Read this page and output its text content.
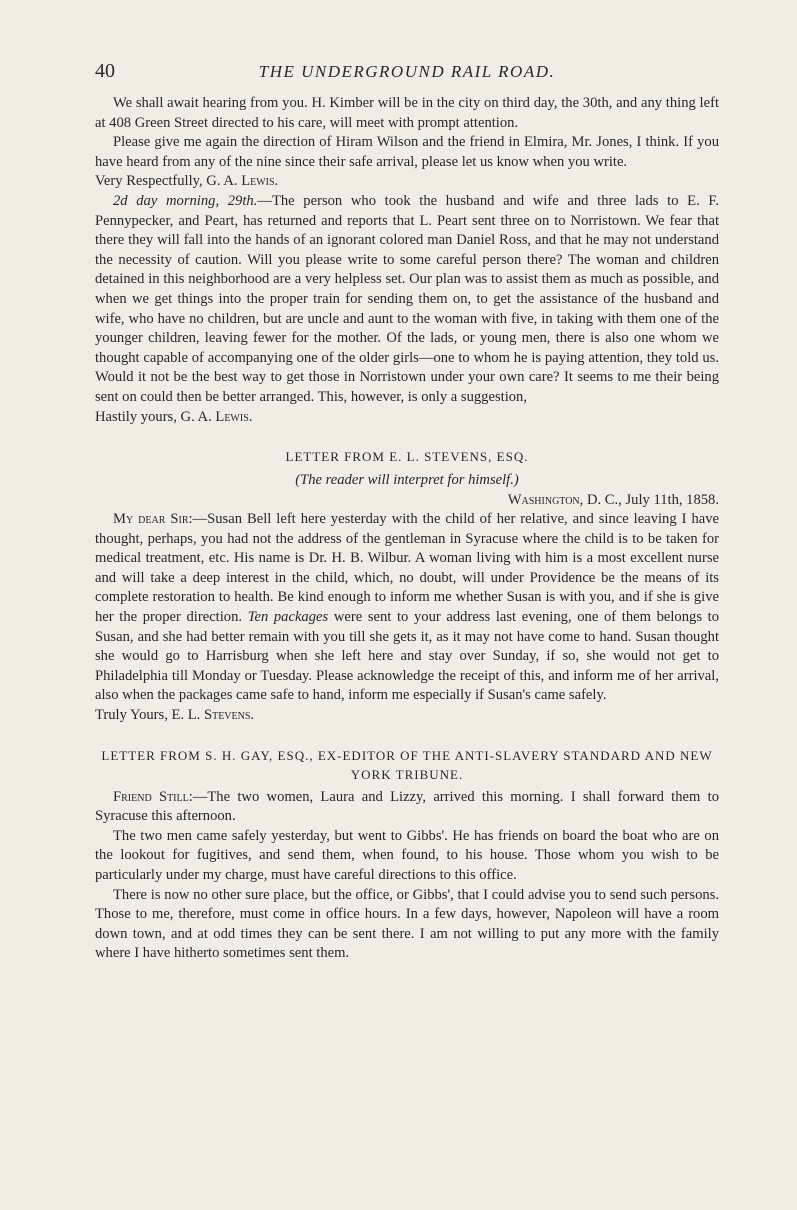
40	THE UNDERGROUND RAIL ROAD.

We shall await hearing from you. H. Kimber will be in the city on third day, the 30th, and any thing left at 408 Green Street directed to his care, will meet with prompt attention.

Please give me again the direction of Hiram Wilson and the friend in Elmira, Mr. Jones, I think. If you have heard from any of the nine since their safe arrival, please let us know when you write.

Very Respectfully, G. A. Lewis.

2d day morning, 29th.—The person who took the husband and wife and three lads to E. F. Pennypecker, and Peart, has returned and reports that L. Peart sent three on to Norristown. We fear that there they will fall into the hands of an ignorant colored man Daniel Ross, and that he may not understand the necessity of caution. Will you please write to some careful person there? The woman and children detained in this neighborhood are a very helpless set. Our plan was to assist them as much as possible, and when we get things into the proper train for sending them on, to get the assistance of the husband and wife, who have no children, but are uncle and aunt to the woman with five, in taking with them one of the younger children, leaving fewer for the mother. Of the lads, or young men, there is also one whom we thought capable of accompanying one of the older girls—one to whom he is paying attention, they told us. Would it not be the best way to get those in Norristown under your own care? It seems to me their being sent on could then be better arranged. This, however, is only a suggestion,

Hastily yours, G. A. Lewis.

LETTER FROM E. L. STEVENS, ESQ.

(The reader will interpret for himself.)

Washington, D. C., July 11th, 1858.

My dear Sir:—Susan Bell left here yesterday with the child of her relative, and since leaving I have thought, perhaps, you had not the address of the gentleman in Syracuse where the child is to be taken for medical treatment, etc. His name is Dr. H. B. Wilbur. A woman living with him is a most excellent nurse and will take a deep interest in the child, which, no doubt, will under Providence be the means of its complete restoration to health. Be kind enough to inform me whether Susan is with you, and if she is give her the proper direction. Ten packages were sent to your address last evening, one of them belongs to Susan, and she had better remain with you till she gets it, as it may not have come to hand. Susan thought she would go to Harrisburg when she left here and stay over Sunday, if so, she would not get to Philadelphia till Monday or Tuesday. Please acknowledge the receipt of this, and inform me of her arrival, also when the packages came safe to hand, inform me especially if Susan's came safely.

Truly Yours, E. L. Stevens.

LETTER FROM S. H. GAY, ESQ., EX-EDITOR OF THE ANTI-SLAVERY STANDARD AND NEW YORK TRIBUNE.

Friend Still:—The two women, Laura and Lizzy, arrived this morning. I shall forward them to Syracuse this afternoon.

The two men came safely yesterday, but went to Gibbs'. He has friends on board the boat who are on the lookout for fugitives, and send them, when found, to his house. Those whom you wish to be particularly under my charge, must have careful directions to this office.

There is now no other sure place, but the office, or Gibbs', that I could advise you to send such persons. Those to me, therefore, must come in office hours. In a few days, however, Napoleon will have a room down town, and at odd times they can be sent there. I am not willing to put any more with the family where I have hitherto sometimes sent them.
